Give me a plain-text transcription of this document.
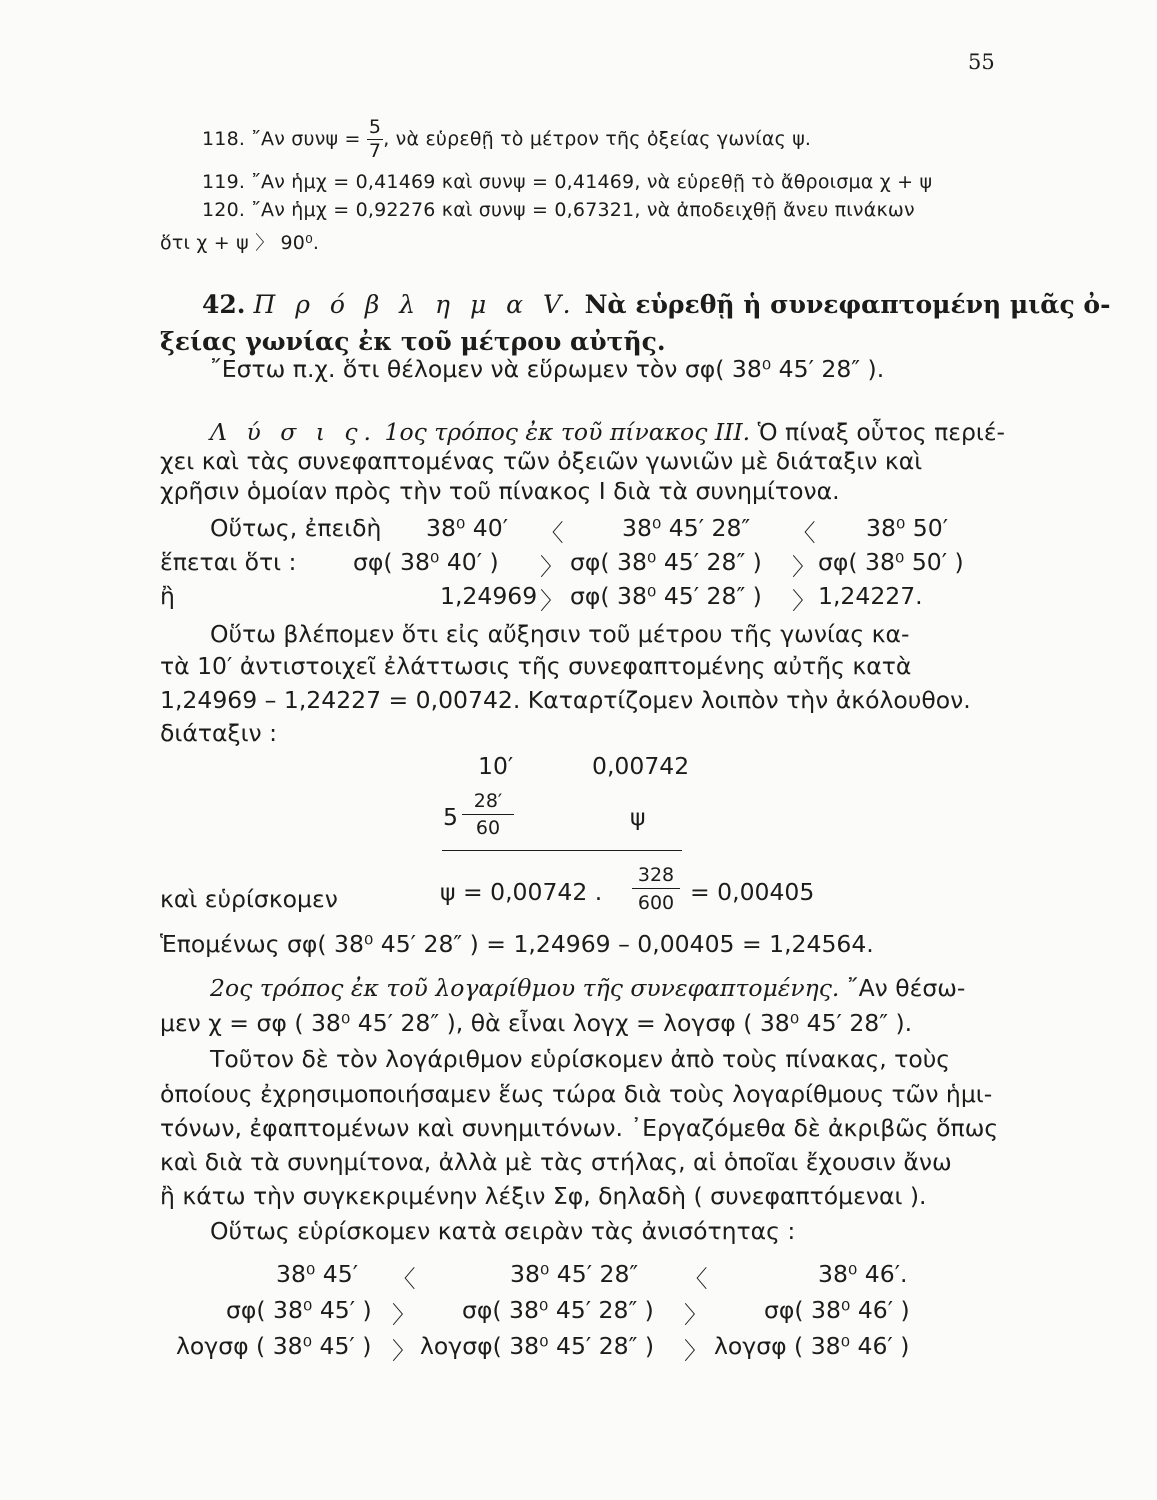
55
118. ῎Αν $\sigma\upsilon\nu\psi = \frac{5}{7}$ , νὰ εὑρεθῇ τὸ μέτρον τῆς ὀξείας γωνίας ψ.
119. ῎Αν ἡμχ = 0,41469 καὶ συνψ = 0,41469, νὰ εὑρεθῇ τὸ ἄθροισμα χ + ψ
120. ῎Αν ἡμχ = 0,92276 καὶ συνψ = 0,67321, νὰ ἀποδειχθῇ ἄνευ πινάκων
ὅτι χ + ψ 〉 90⁰.
42. Π ρ ό β λ η μ α V. Νὰ εὑρεθῇ ἡ συνεφαπτομένη μιᾶς ὀ-
ξείας γωνίας ἐκ τοῦ μέτρου αὐτῆς.
῎Εστω π.χ. ὅτι θέλομεν νὰ εὕρωμεν τὸν σφ( 38⁰ 45′ 28″ ).
Λ ύ σ ι ς. 1ος τρόπος ἐκ τοῦ πίνακος ΙΙΙ. Ὁ πίναξ οὗτος περιέ-
χει καὶ τὰς συνεφαπτομένας τῶν ὀξειῶν γωνιῶν μὲ διάταξιν καὶ
χρῆσιν ὁμοίαν πρὸς τὴν τοῦ πίνακος Ι διὰ τὰ συνημίτονα.
Οὕτως, ἐπειδὴ 38⁰ 40′ 〈 38⁰ 45′ 28″ 〈 38⁰ 50′
ἕπεται ὅτι : σφ( 38⁰ 40′ ) 〉 σφ( 38⁰ 45′ 28″ ) 〉 σφ( 38⁰ 50′ )
ἢ	1,24969 〉 σφ( 38⁰ 45′ 28″ ) 〉 1,24227.
Οὕτω βλέπομεν ὅτι εἰς αὔξησιν τοῦ μέτρου τῆς γωνίας κα-
τὰ 10′ ἀντιστοιχεῖ ἐλάττωσις τῆς συνεφαπτομένης αὐτῆς κατὰ
1,24969 – 1,24227 = 0,00742. Καταρτίζομεν λοιπὸν τὴν ἀκόλουθον.
διάταξιν :
10′	0,00742
$5 \frac{28'}{60}$	ψ
καὶ εὑρίσκομεν	ψ = 0,00742 . $\frac{328}{600} = 0,00405$
Ἑπομένως σφ( 38⁰ 45′ 28″ ) = 1,24969 – 0,00405 = 1,24564.
2ος τρόπος ἐκ τοῦ λογαρίθμου τῆς συνεφαπτομένης. ῎Αν θέσω-
μεν χ = σφ ( 38⁰ 45′ 28″ ), θὰ εἶναι λογχ = λογσφ ( 38⁰ 45′ 28″ ).
Τοῦτον δὲ τὸν λογάριθμον εὑρίσκομεν ἀπὸ τοὺς πίνακας, τοὺς
ὁποίους ἐχρησιμοποιήσαμεν ἕως τώρα διὰ τοὺς λογαρίθμους τῶν ἡμι-
τόνων, ἐφαπτομένων καὶ συνημιτόνων. ᾿Εργαζόμεθα δὲ ἀκριβῶς ὅπως
καὶ διὰ τὰ συνημίτονα, ἀλλὰ μὲ τὰς στήλας, αἱ ὁποῖαι ἔχουσιν ἄνω
ἢ κάτω τὴν συγκεκριμένην λέξιν Σφ, δηλαδὴ ( συνεφαπτόμεναι ).
Οὕτως εὑρίσκομεν κατὰ σειρὰν τὰς ἀνισότητας :
38⁰ 45′ 〈	38⁰ 45′ 28″ 〈	38⁰ 46′.
σφ( 38⁰ 45′ ) 〉 σφ( 38⁰ 45′ 28″ ) 〉 σφ( 38⁰ 46′ )
λογσφ ( 38⁰ 45′ ) 〉 λογσφ( 38⁰ 45′ 28″ ) 〉 λογσφ ( 38⁰ 46′ )
